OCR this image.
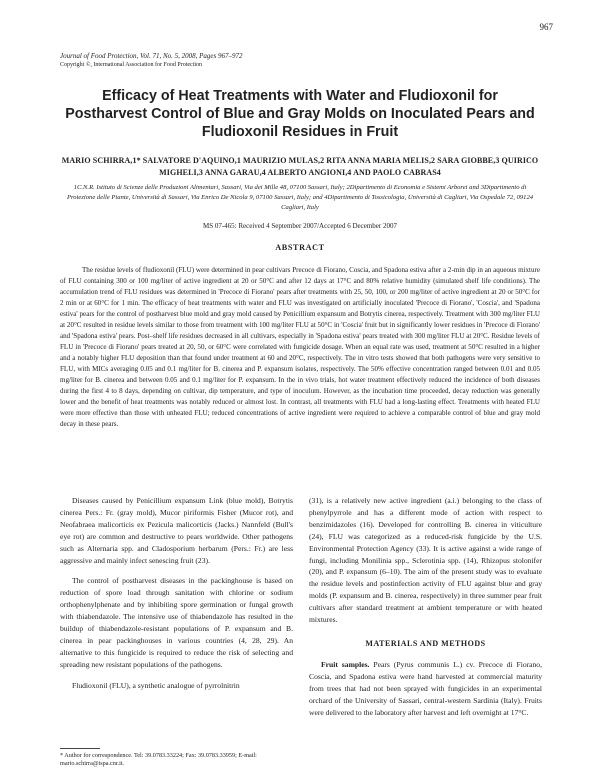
967
Journal of Food Protection, Vol. 71, No. 5, 2008, Pages 967–972
Copyright ©, International Association for Food Protection
Efficacy of Heat Treatments with Water and Fludioxonil for Postharvest Control of Blue and Gray Molds on Inoculated Pears and Fludioxonil Residues in Fruit
MARIO SCHIRRA,1* SALVATORE D'AQUINO,1 MAURIZIO MULAS,2 RITA ANNA MARIA MELIS,2 SARA GIOBBE,3 QUIRICO MIGHELI,3 ANNA GARAU,4 ALBERTO ANGIONI,4 AND PAOLO CABRAS4
1C.N.R. Istituto di Scienze delle Produzioni Alimentari, Sassari, Via dei Mille 48, 07100 Sassari, Italy; 2Dipartimento di Economia e Sistemi Arborei and 3Dipartimento di Protezione delle Piante, Università di Sassari, Via Enrico De Nicola 9, 07100 Sassari, Italy; and 4Dipartimento di Tossicologia, Università di Cagliari, Via Ospedale 72, 09124 Cagliari, Italy
MS 07-465: Received 4 September 2007/Accepted 6 December 2007
ABSTRACT
The residue levels of fludioxonil (FLU) were determined in pear cultivars Precoce di Fiorano, Coscia, and Spadona estiva after a 2-min dip in an aqueous mixture of FLU containing 300 or 100 mg/liter of active ingredient at 20 or 50°C and after 12 days at 17°C and 80% relative humidity (simulated shelf life conditions). The accumulation trend of FLU residues was determined in 'Precoce di Fiorano' pears after treatments with 25, 50, 100, or 200 mg/liter of active ingredient at 20 or 50°C for 2 min or at 60°C for 1 min. The efficacy of heat treatments with water and FLU was investigated on artificially inoculated 'Precoce di Fiorano', 'Coscia', and 'Spadona estiva' pears for the control of postharvest blue mold and gray mold caused by Penicillium expansum and Botrytis cinerea, respectively. Treatment with 300 mg/liter FLU at 20°C resulted in residue levels similar to those from treatment with 100 mg/liter FLU at 50°C in 'Coscia' fruit but in significantly lower residues in 'Precoce di Fiorano' and 'Spadona estiva' pears. Post–shelf life residues decreased in all cultivars, especially in 'Spadona estiva' pears treated with 300 mg/liter FLU at 20°C. Residue levels of FLU in 'Precoce di Fiorano' pears treated at 20, 50, or 60°C were correlated with fungicide dosage. When an equal rate was used, treatment at 50°C resulted in a higher and a notably higher FLU deposition than that found under treatment at 60 and 20°C, respectively. The in vitro tests showed that both pathogens were very sensitive to FLU, with MICs averaging 0.05 and 0.1 mg/liter for B. cinerea and P. expansum isolates, respectively. The 50% effective concentration ranged between 0.01 and 0.05 mg/liter for B. cinerea and between 0.05 and 0.1 mg/liter for P. expansum. In the in vivo trials, hot water treatment effectively reduced the incidence of both diseases during the first 4 to 8 days, depending on cultivar, dip temperature, and type of inoculum. However, as the incubation time proceeded, decay reduction was generally lower and the benefit of heat treatments was notably reduced or almost lost. In contrast, all treatments with FLU had a long-lasting effect. Treatments with heated FLU were more effective than those with unheated FLU; reduced concentrations of active ingredient were required to achieve a comparable control of blue and gray mold decay in these pears.

Diseases caused by Penicillium expansum Link (blue mold), Botrytis cinerea Pers.: Fr. (gray mold), Mucor piriformis Fisher (Mucor rot), and Neofabraea malicorticis ex Pezicula malicorticis (Jacks.) Nannfeld (Bull's eye rot) are common and destructive to pears worldwide. Other pathogens such as Alternaria spp. and Cladosporium herbarum (Pers.: Fr.) are less aggressive and mainly infect senescing fruit (23).

The control of postharvest diseases in the packinghouse is based on reduction of spore load through sanitation with chlorine or sodium orthophenylphenate and by inhibiting spore germination or fungal growth with thiabendazole. The intensive use of thiabendazole has resulted in the buildup of thiabendazole-resistant populations of P. expansum and B. cinerea in pear packinghouses in various countries (4, 28, 29). An alternative to this fungicide is required to reduce the risk of selecting and spreading new resistant populations of the pathogens.

Fludioxonil (FLU), a synthetic analogue of pyrrolnitrin

(31), is a relatively new active ingredient (a.i.) belonging to the class of phenylpyrrole and has a different mode of action with respect to benzimidazoles (16). Developed for controlling B. cinerea in viticulture (24), FLU was categorized as a reduced-risk fungicide by the U.S. Environmental Protection Agency (33). It is active against a wide range of fungi, including Monilinia spp., Sclerotinia spp. (14), Rhizopus stolonifer (20), and P. expansum (6–10). The aim of the present study was to evaluate the residue levels and postinfection activity of FLU against blue and gray molds (P. expansum and B. cinerea, respectively) in three summer pear fruit cultivars after standard treatment at ambient temperature or with heated mixtures.

MATERIALS AND METHODS

Fruit samples. Pears (Pyrus communis L.) cv. Precoce di Fiorano, Coscia, and Spadona estiva were hand harvested at commercial maturity from trees that had not been sprayed with fungicides in an experimental orchard of the University of Sassari, central-western Sardinia (Italy). Fruits were delivered to the laboratory after harvest and left overnight at 17°C.

* Author for correspondence. Tel: 39.0783.33224; Fax: 39.0783.33959; E-mail: mario.schirra@ispa.cnr.it.
